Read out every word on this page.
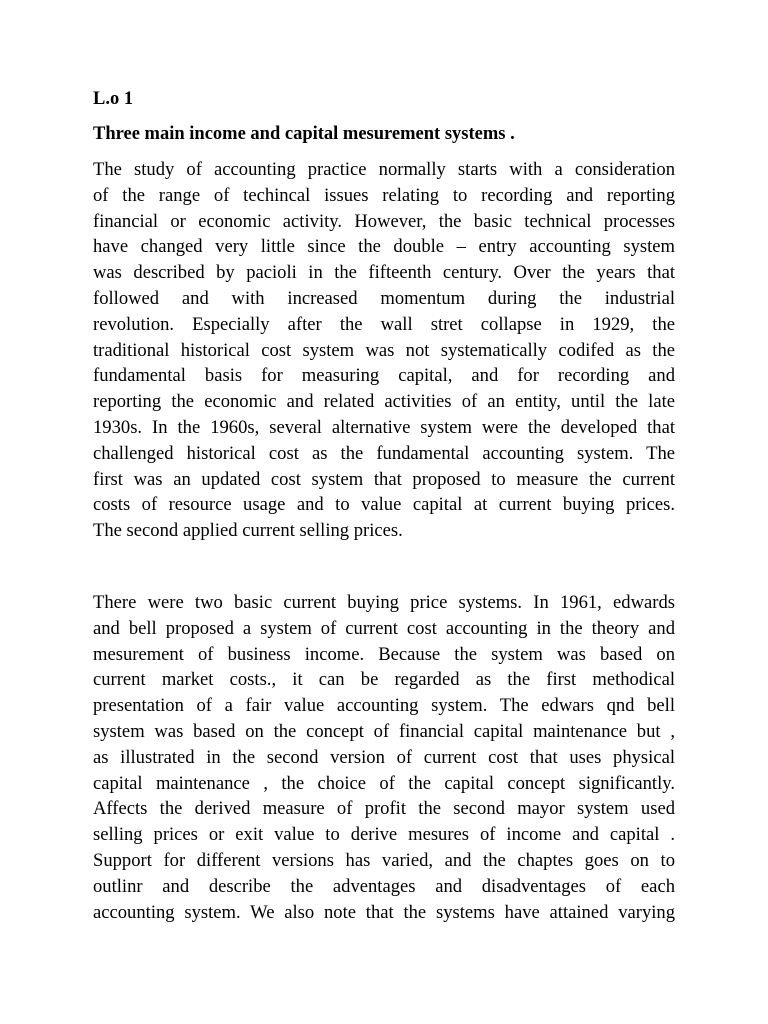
L.o 1

Three main income and capital mesurement systems .

The study of accounting practice normally starts with a consideration
of the range of techincal issues relating to recording and reporting
financial or economic activity. However, the basic technical processes
have changed very little since the double – entry accounting system
was described by pacioli in the fifteenth century. Over the years that
followed and with increased momentum during the industrial
revolution. Especially after the wall stret collapse in 1929, the
traditional historical cost system was not systematically codifed as the
fundamental basis for measuring capital, and for recording and
reporting the economic and related activities of an entity, until the late
1930s. In the 1960s, several alternative system were the developed that
challenged historical cost as the fundamental accounting system. The
first was an updated cost system that proposed to measure the current
costs of resource usage and to value capital at current buying prices.
The second applied current selling prices.
There were two basic current buying price systems. In 1961, edwards
and bell proposed a system of current cost accounting in the theory and
mesurement of business income. Because the system was based on
current market costs., it can be regarded as the first methodical
presentation of a fair value accounting system. The edwars qnd bell
system was based on the concept of financial capital maintenance but ,
as illustrated in the second version of current cost that uses physical
capital maintenance , the choice of the capital concept significantly.
Affects the derived measure of profit the second mayor system used
selling prices or exit value to derive mesures of income and capital .
Support for different versions has varied, and the chaptes goes on to
outlinr and describe the adventages and disadventages of each
accounting system. We also note that the systems have attained varying
